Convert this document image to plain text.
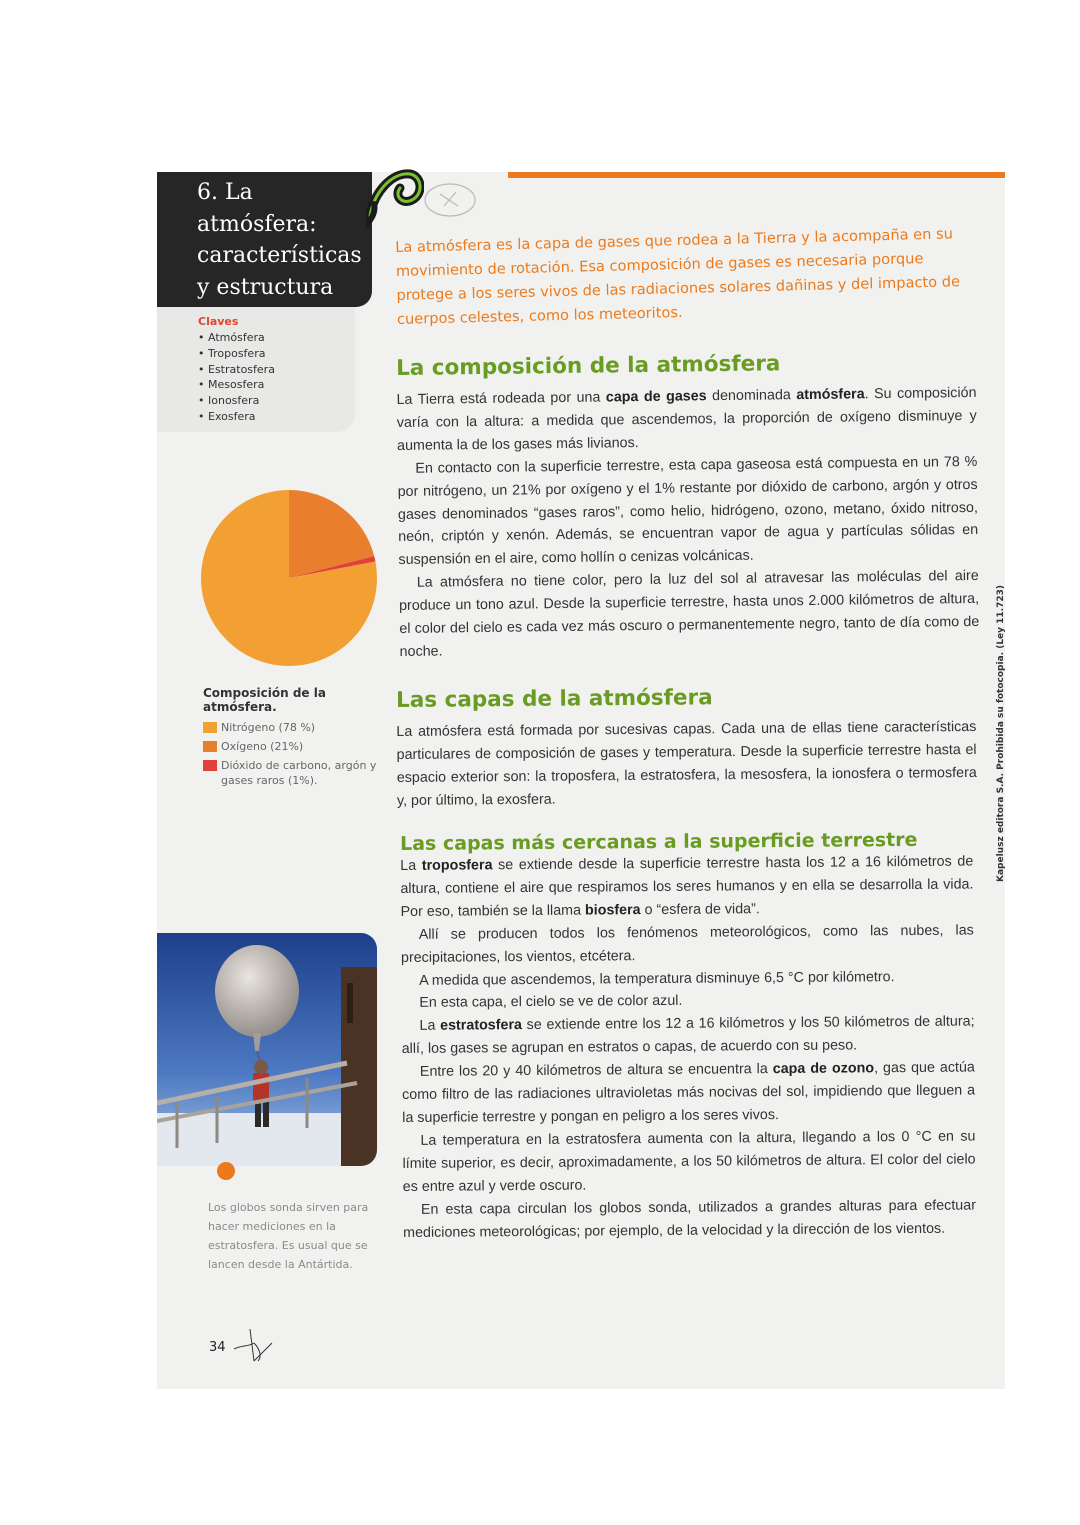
6. La atmósfera: características y estructura
Claves
• Atmósfera
• Troposfera
• Estratosfera
• Mesosfera
• Ionosfera
• Exosfera
Composición de la atmósfera.
Nitrógeno (78 %)
Oxígeno (21%)
Dióxido de carbono, argón y gases raros (1%).
Los globos sonda sirven para hacer mediciones en la estratosfera. Es usual que se lancen desde la Antártida.
34
Kapelusz editora S.A. Prohibida su fotocopia. (Ley 11.723)
La atmósfera es la capa de gases que rodea a la Tierra y la acompaña en su movimiento de rotación. Esa composición de gases es necesaria porque protege a los seres vivos de las radiaciones solares dañinas y del impacto de cuerpos celestes, como los meteoritos.
La composición de la atmósfera

La Tierra está rodeada por una capa de gases denominada atmósfera. Su composición varía con la altura: a medida que ascendemos, la proporción de oxígeno disminuye y aumenta la de los gases más livianos.

En contacto con la superficie terrestre, esta capa gaseosa está compuesta en un 78 % por nitrógeno, un 21% por oxígeno y el 1% restante por dióxido de carbono, argón y otros gases denominados “gases raros”, como helio, hidrógeno, ozono, metano, óxido nitroso, neón, criptón y xenón. Además, se encuentran vapor de agua y partículas sólidas en suspensión en el aire, como hollín o cenizas volcánicas.

La atmósfera no tiene color, pero la luz del sol al atravesar las moléculas del aire produce un tono azul. Desde la superficie terrestre, hasta unos 2.000 kilómetros de altura, el color del cielo es cada vez más oscuro o permanentemente negro, tanto de día como de noche.

Las capas de la atmósfera

La atmósfera está formada por sucesivas capas. Cada una de ellas tiene características particulares de composición de gases y temperatura. Desde la superficie terrestre hasta el espacio exterior son: la troposfera, la estratosfera, la mesosfera, la ionosfera o termosfera y, por último, la exosfera.

Las capas más cercanas a la superficie terrestre

La troposfera se extiende desde la superficie terrestre hasta los 12 a 16 kilómetros de altura, contiene el aire que respiramos los seres humanos y en ella se desarrolla la vida. Por eso, también se la llama biosfera o “esfera de vida”.

Allí se producen todos los fenómenos meteorológicos, como las nubes, las precipitaciones, los vientos, etcétera.

A medida que ascendemos, la temperatura disminuye 6,5 °C por kilómetro.

En esta capa, el cielo se ve de color azul.

La estratosfera se extiende entre los 12 a 16 kilómetros y los 50 kilómetros de altura; allí, los gases se agrupan en estratos o capas, de acuerdo con su peso.

Entre los 20 y 40 kilómetros de altura se encuentra la capa de ozono, gas que actúa como filtro de las radiaciones ultravioletas más nocivas del sol, impidiendo que lleguen a la superficie terrestre y pongan en peligro a los seres vivos.

La temperatura en la estratosfera aumenta con la altura, llegando a los 0 °C en su límite superior, es decir, aproximadamente, a los 50 kilómetros de altura. El color del cielo es entre azul y verde oscuro.

En esta capa circulan los globos sonda, utilizados a grandes alturas para efectuar mediciones meteorológicas; por ejemplo, de la velocidad y la dirección de los vientos.
